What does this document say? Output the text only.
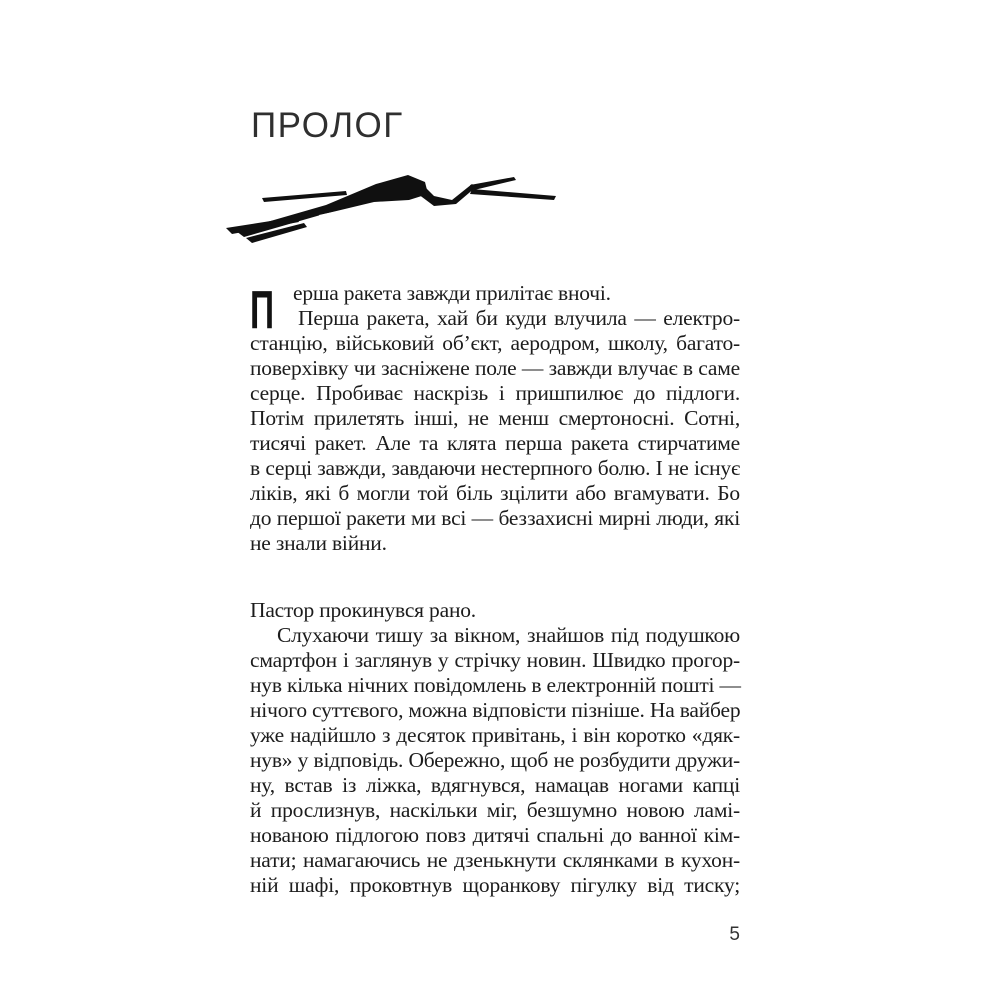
ПРОЛОГ
П ерша ракета завжди прилітає вночі.
Перша ракета, хай би куди влучила — електро-
станцію, військовий об’єкт, аеродром, школу, багато-
поверхівку чи засніжене поле — завжди влучає в саме
серце. Пробиває наскрізь і пришпилює до підлоги.
Потім прилетять інші, не менш смертоносні. Сотні,
тисячі ракет. Але та клята перша ракета стирчатиме
в серці завжди, завдаючи нестерпного болю. І не існує
ліків, які б могли той біль зцілити або вгамувати. Бо
до першої ракети ми всі — беззахисні мирні люди, які
не знали війни.
Пастор прокинувся рано.
Слухаючи тишу за вікном, знайшов під подушкою
смартфон і заглянув у стрічку новин. Швидко прогор-
нув кілька нічних повідомлень в електронній пошті —
нічого суттєвого, можна відповісти пізніше. На вайбер
уже надійшло з десяток привітань, і він коротко «дяк-
нув» у відповідь. Обережно, щоб не розбудити дружи-
ну, встав із ліжка, вдягнувся, намацав ногами капці
й прослизнув, наскільки міг, безшумно новою ламі-
нованою підлогою повз дитячі спальні до ванної кім-
нати; намагаючись не дзенькнути склянками в кухон-
ній шафі, проковтнув щоранкову пігулку від тиску;
5
